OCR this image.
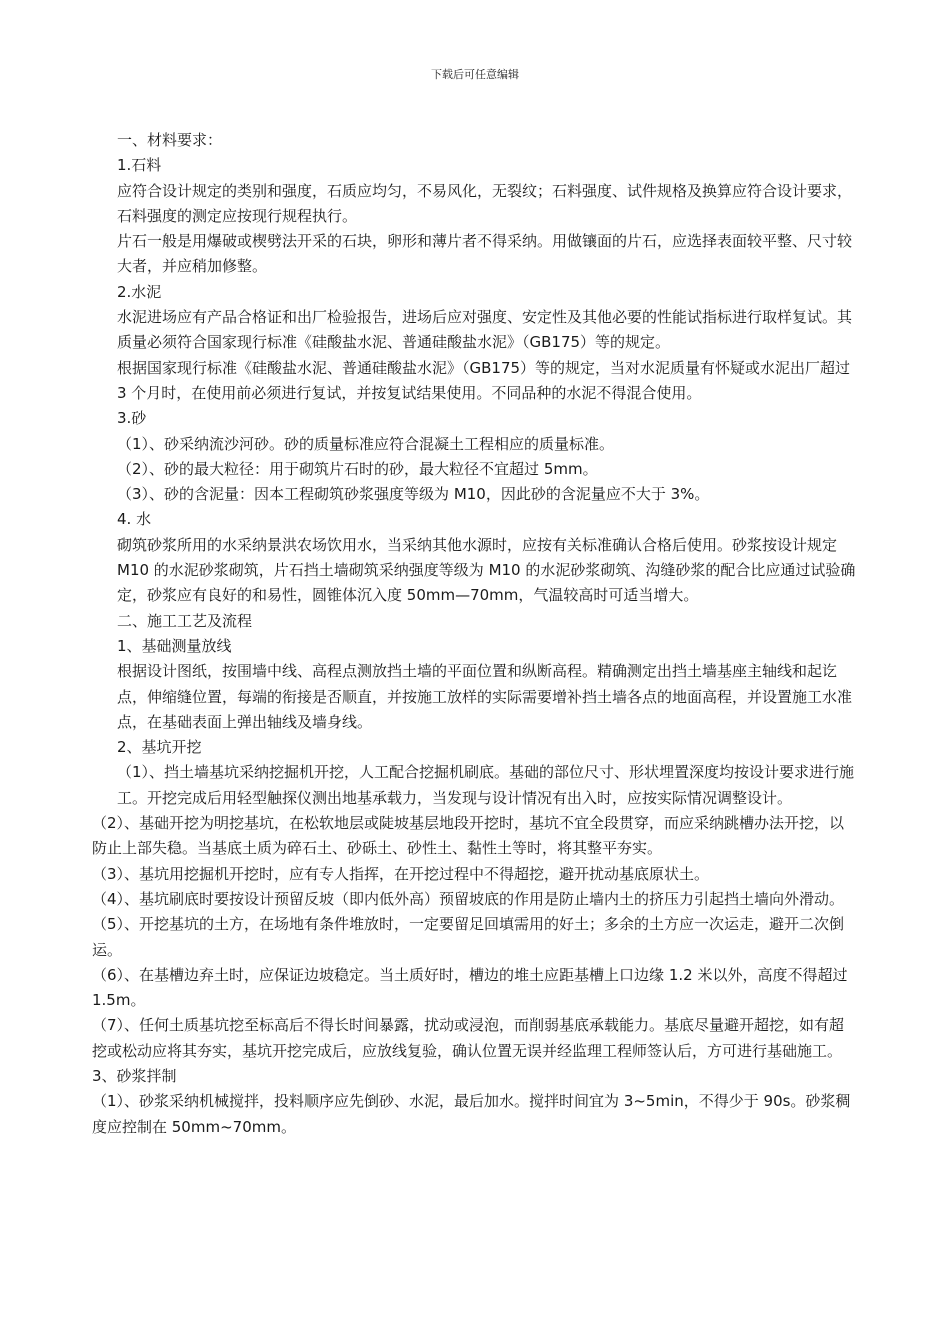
下载后可任意编辑

一、材料要求：

1.石料

应符合设计规定的类别和强度，石质应均匀，不易风化，无裂纹；石料强度、试件规格及换算应符合设计要求，石料强度的测定应按现行规程执行。

片石一般是用爆破或楔劈法开采的石块，卵形和薄片者不得采纳。用做镶面的片石，应选择表面较平整、尺寸较大者，并应稍加修整。

2.水泥

水泥进场应有产品合格证和出厂检验报告，进场后应对强度、安定性及其他必要的性能试指标进行取样复试。其质量必须符合国家现行标准《硅酸盐水泥、普通硅酸盐水泥》（GB175）等的规定。

根据国家现行标准《硅酸盐水泥、普通硅酸盐水泥》（GB175）等的规定，当对水泥质量有怀疑或水泥出厂超过 3 个月时，在使用前必须进行复试，并按复试结果使用。不同品种的水泥不得混合使用。

3.砂

（1）、砂采纳流沙河砂。砂的质量标准应符合混凝土工程相应的质量标准。

（2）、砂的最大粒径：用于砌筑片石时的砂，最大粒径不宜超过 5mm。

（3）、砂的含泥量：因本工程砌筑砂浆强度等级为 M10，因此砂的含泥量应不大于 3%。

4. 水

砌筑砂浆所用的水采纳景洪农场饮用水，当采纳其他水源时，应按有关标准确认合格后使用。砂浆按设计规定 M10 的水泥砂浆砌筑，片石挡土墙砌筑采纳强度等级为 M10 的水泥砂浆砌筑、沟缝砂浆的配合比应通过试验确定，砂浆应有良好的和易性，圆锥体沉入度 50mm—70mm，气温较高时可适当增大。

二、施工工艺及流程

1、基础测量放线

根据设计图纸，按围墙中线、高程点测放挡土墙的平面位置和纵断高程。精确测定出挡土墙基座主轴线和起讫点，伸缩缝位置，每端的衔接是否顺直，并按施工放样的实际需要增补挡土墙各点的地面高程，并设置施工水准点，在基础表面上弹出轴线及墙身线。

2、基坑开挖

（1）、挡土墙基坑采纳挖掘机开挖，人工配合挖掘机刷底。基础的部位尺寸、形状埋置深度均按设计要求进行施工。开挖完成后用轻型触探仪测出地基承载力，当发现与设计情况有出入时，应按实际情况调整设计。

（2）、基础开挖为明挖基坑，在松软地层或陡坡基层地段开挖时，基坑不宜全段贯穿，而应采纳跳槽办法开挖，以防止上部失稳。当基底土质为碎石土、砂砾土、砂性土、黏性土等时，将其整平夯实。

（3）、基坑用挖掘机开挖时，应有专人指挥，在开挖过程中不得超挖，避开扰动基底原状土。

（4）、基坑刷底时要按设计预留反坡（即内低外高）预留坡底的作用是防止墙内土的挤压力引起挡土墙向外滑动。

（5）、开挖基坑的土方，在场地有条件堆放时，一定要留足回填需用的好土；多余的土方应一次运走，避开二次倒运。

（6）、在基槽边弃土时，应保证边坡稳定。当土质好时，槽边的堆土应距基槽上口边缘 1.2 米以外，高度不得超过 1.5m。

（7）、任何土质基坑挖至标高后不得长时间暴露，扰动或浸泡，而削弱基底承载能力。基底尽量避开超挖，如有超挖或松动应将其夯实，基坑开挖完成后，应放线复验，确认位置无误并经监理工程师签认后，方可进行基础施工。

3、砂浆拌制

（1）、砂浆采纳机械搅拌，投料顺序应先倒砂、水泥，最后加水。搅拌时间宜为 3~5min，不得少于 90s。砂浆稠度应控制在 50mm~70mm。
